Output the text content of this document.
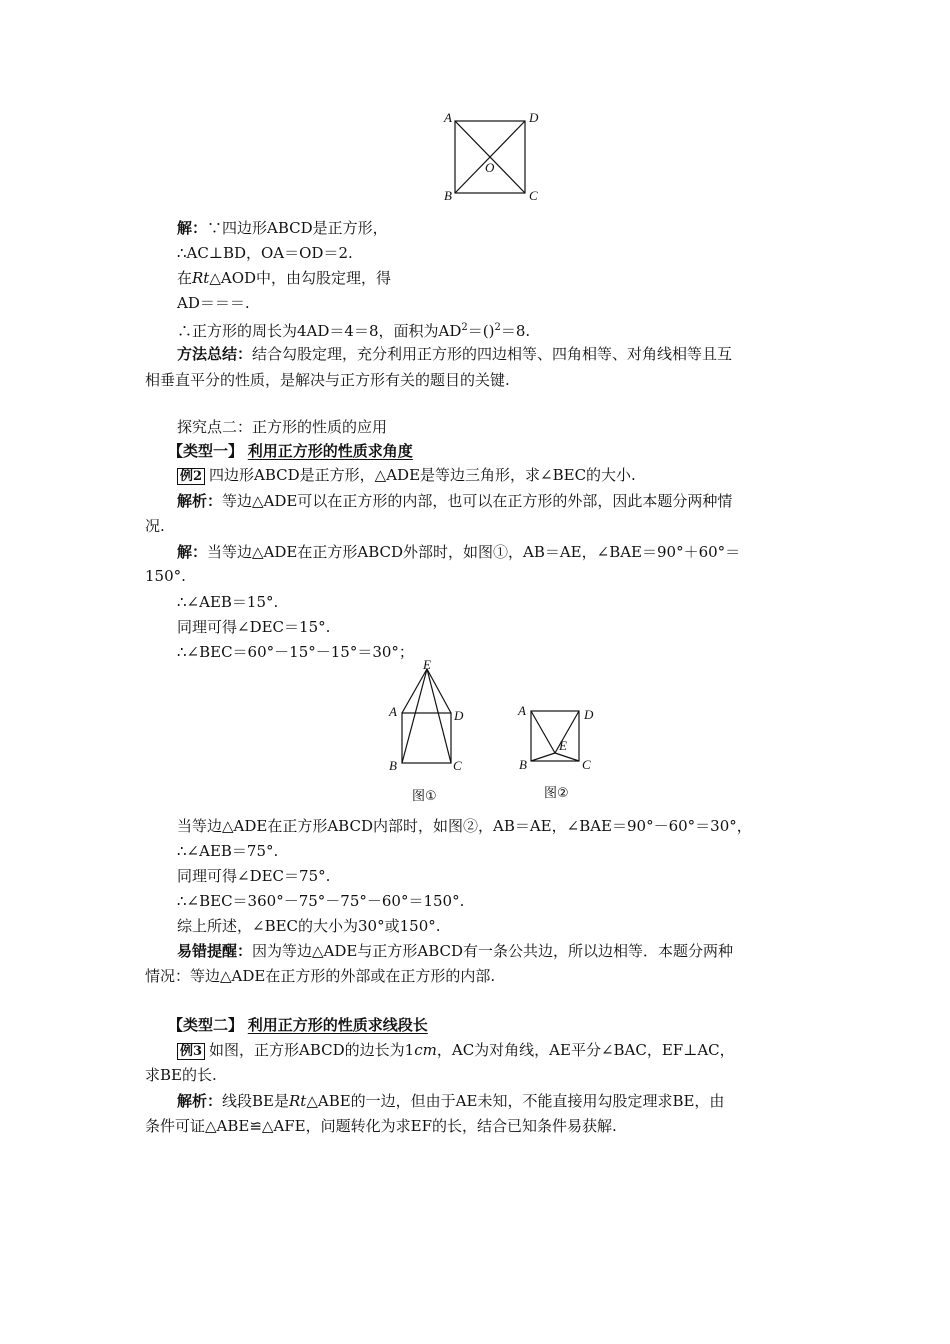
A	D
O
B	C
解：∵四边形ABCD是正方形，
∴AC⊥BD，OA＝OD＝2.
在Rt△AOD中，由勾股定理，得
AD＝＝＝.
∴正方形的周长为4AD＝4＝8，面积为$AD^2=()^2=8$.
方法总结：结合勾股定理，充分利用正方形的四边相等、四角相等、对角线相等且互
相垂直平分的性质，是解决与正方形有关的题目的关键.
探究点二：正方形的性质的应用
【类型一】 利用正方形的性质求角度
例2 四边形ABCD是正方形，△ADE是等边三角形，求∠BEC的大小.
解析：等边△ADE可以在正方形的内部，也可以在正方形的外部，因此本题分两种情
况.
解：当等边△ADE在正方形ABCD外部时，如图①，AB＝AE，∠BAE＝90°＋60°＝
150°.
∴∠AEB＝15°.
同理可得∠DEC＝15°.
∴∠BEC＝60°－15°－15°＝30°；
E
A	D
B	C
图①
A	D
E
B	C
图②
当等边△ADE在正方形ABCD内部时，如图②，AB＝AE，∠BAE＝90°－60°＝30°，
∴∠AEB＝75°.
同理可得∠DEC＝75°.
∴∠BEC＝360°－75°－75°－60°＝150°.
综上所述，∠BEC的大小为30°或150°.
易错提醒：因为等边△ADE与正方形ABCD有一条公共边，所以边相等．本题分两种
情况：等边△ADE在正方形的外部或在正方形的内部.
【类型二】 利用正方形的性质求线段长
例3 如图，正方形ABCD的边长为1cm，AC为对角线，AE平分∠BAC，EF⊥AC，
求BE的长.
解析：线段BE是Rt△ABE的一边，但由于AE未知，不能直接用勾股定理求BE，由
条件可证△ABE≌△AFE，问题转化为求EF的长，结合已知条件易获解.
